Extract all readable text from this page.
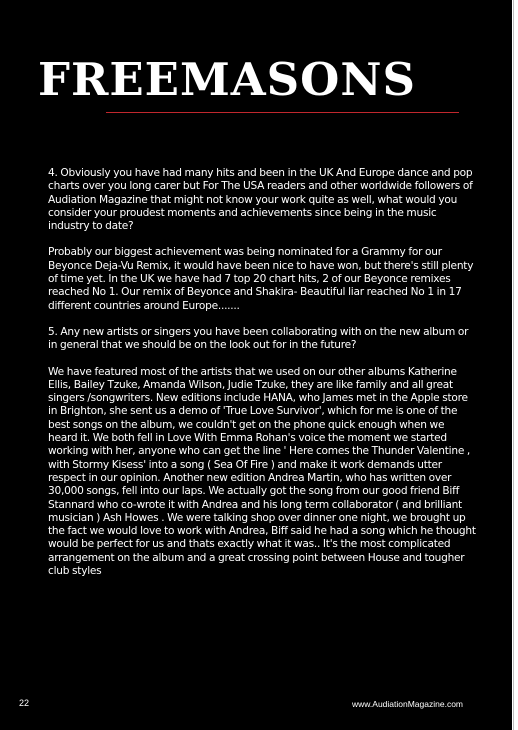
FREEMASONS

4. Obviously you have had many hits and been in the UK And Europe dance and pop charts over you long carer but For The USA readers and other worldwide followers of Audiation Magazine that might not know your work quite as well, what would you consider your proudest moments and achievements since being in the music industry to date?

Probably our biggest achievement was being nominated for a Grammy for our Beyonce Deja-Vu Remix, it would have been nice to have won, but there's still plenty of time yet. In the UK we have had 7 top 20 chart hits, 2 of our Beyonce remixes reached No 1. Our remix of Beyonce and Shakira- Beautiful liar reached No 1 in 17 different countries around Europe.......

5. Any new artists or singers you have been collaborating with on the new album or in general that we should be on the look out for in the future?

We have featured most of the artists that we used on our other albums Katherine Ellis, Bailey Tzuke, Amanda Wilson, Judie Tzuke, they are like family and all great singers /songwriters. New editions include HANA, who James met in the Apple store in Brighton, she sent us a demo of 'True Love Survivor', which for me is one of the best songs on the album, we couldn't get on the phone quick enough when we heard it. We both fell in Love With Emma Rohan's voice the moment we started working with her, anyone who can get the line ' Here comes the Thunder Valentine , with Stormy Kisess' into a song ( Sea Of Fire ) and make it work demands utter respect in our opinion. Another new edition Andrea Martin, who has written over 30,000 songs, fell into our laps. We actually got the song from our good friend Biff Stannard who co-wrote it with Andrea and his long term collaborator ( and brilliant musician ) Ash Howes . We were talking shop over dinner one night, we brought up the fact we would love to work with Andrea, Biff said he had a song which he thought would be perfect for us and thats exactly what it was.. It's the most complicated arrangement on the album and a great crossing point between House and tougher club styles

22	www.AudiationMagazine.com
